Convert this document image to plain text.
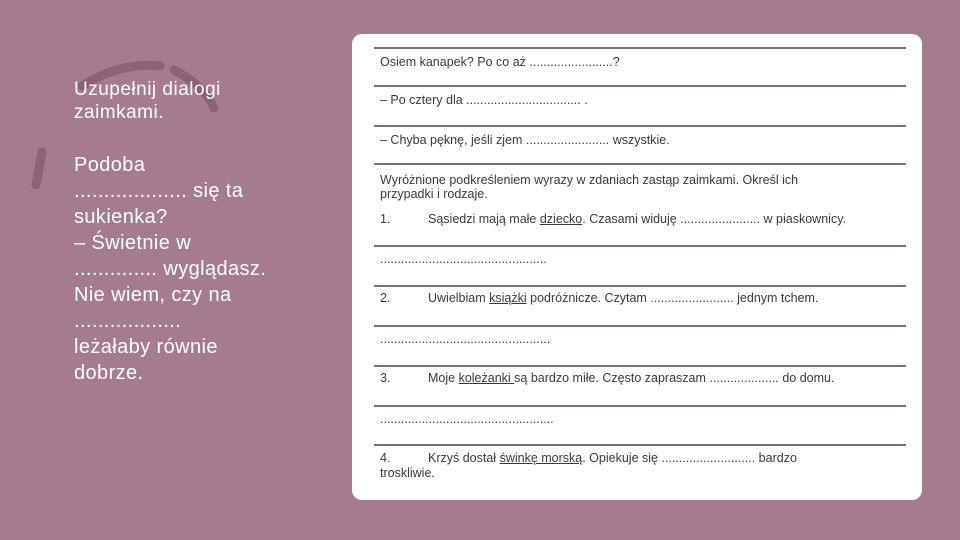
Uzupełnij dialogi
zaimkami.
Podoba
................... się ta
sukienka?
– Świetnie w
.............. wyglądasz.
Nie wiem, czy na
..................
leżałaby równie
dobrze.
Osiem kanapek? Po co aż ........................?
– Po cztery dla ................................. .
– Chyba pęknę, jeśli zjem ........................ wszystkie.
Wyróżnione podkreśleniem wyrazy w zdaniach zastąp zaimkami. Określ ich
przypadki i rodzaje.
1.	Sąsiedzi mają małe dziecko. Czasami widuję ....................... w piaskownicy.
................................................
2.	Uwielbiam książki podróżnicze. Czytam ........................ jednym tchem.
.................................................
3.	Moje koleżanki są bardzo miłe. Często zapraszam .................... do domu.
..................................................
4.	Krzyś dostał świnkę morską. Opiekuje się ........................... bardzo
troskliwie.
